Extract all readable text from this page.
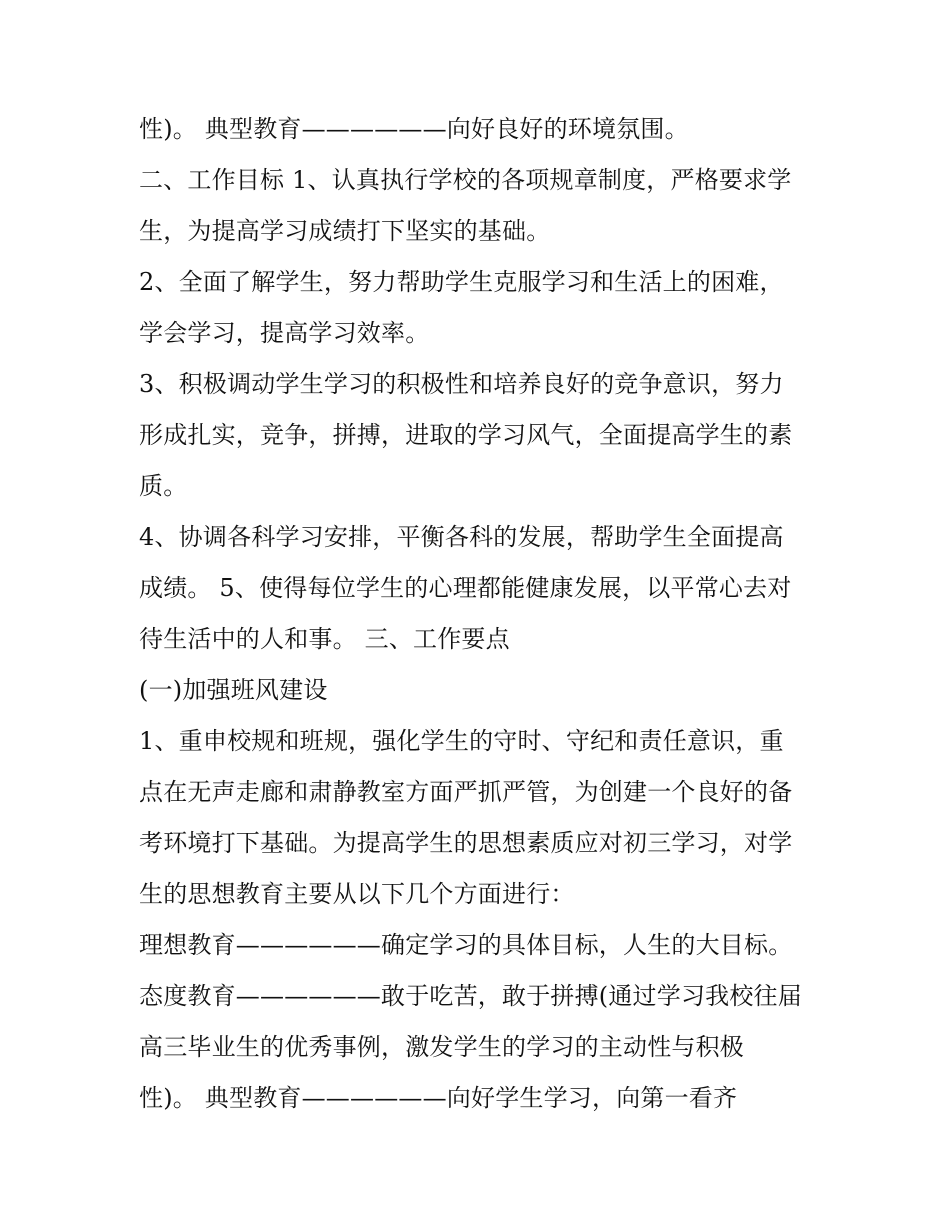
性)。 典型教育——————向好良好的环境氛围。
二、工作目标 1、认真执行学校的各项规章制度，严格要求学
生，为提高学习成绩打下坚实的基础。
2、全面了解学生，努力帮助学生克服学习和生活上的困难，
学会学习，提高学习效率。
3、积极调动学生学习的积极性和培养良好的竞争意识，努力
形成扎实，竞争，拼搏，进取的学习风气，全面提高学生的素
质。
4、协调各科学习安排，平衡各科的发展，帮助学生全面提高
成绩。 5、使得每位学生的心理都能健康发展，以平常心去对
待生活中的人和事。 三、工作要点
(一)加强班风建设
1、重申校规和班规，强化学生的守时、守纪和责任意识，重
点在无声走廊和肃静教室方面严抓严管，为创建一个良好的备
考环境打下基础。为提高学生的思想素质应对初三学习，对学
生的思想教育主要从以下几个方面进行：
理想教育——————确定学习的具体目标，人生的大目标。
态度教育——————敢于吃苦，敢于拼搏(通过学习我校往届
高三毕业生的优秀事例，激发学生的学习的主动性与积极
性)。 典型教育——————向好学生学习，向第一看齐
